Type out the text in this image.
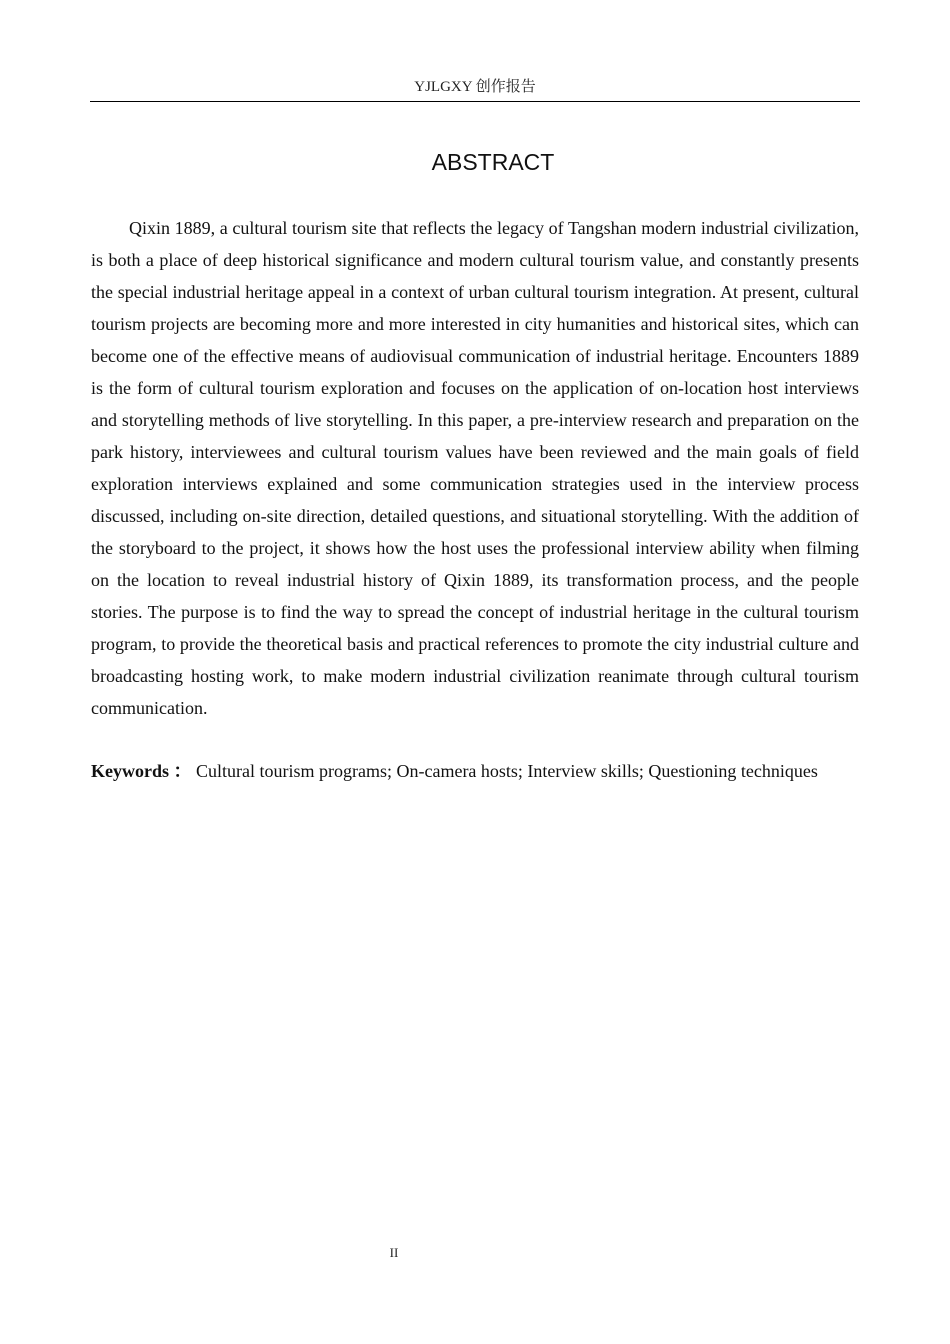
YJLGXY 创作报告
ABSTRACT

Qixin 1889, a cultural tourism site that reflects the legacy of Tangshan modern industrial civilization, is both a place of deep historical significance and modern cultural tourism value, and constantly presents the special industrial heritage appeal in a context of urban cultural tourism integration. At present, cultural tourism projects are becoming more and more interested in city humanities and historical sites, which can become one of the effective means of audiovisual communication of industrial heritage. Encounters 1889 is the form of cultural tourism exploration and focuses on the application of on-location host interviews and storytelling methods of live storytelling. In this paper, a pre-interview research and preparation on the park history, interviewees and cultural tourism values have been reviewed and the main goals of field exploration interviews explained and some communication strategies used in the interview process discussed, including on-site direction, detailed questions, and situational storytelling. With the addition of the storyboard to the project, it shows how the host uses the professional interview ability when filming on the location to reveal industrial history of Qixin 1889, its transformation process, and the people stories. The purpose is to find the way to spread the concept of industrial heritage in the cultural tourism program, to provide the theoretical basis and practical references to promote the city industrial culture and broadcasting hosting work, to make modern industrial civilization reanimate through cultural tourism communication.

Keywords ： Cultural tourism programs; On-camera hosts; Interview skills; Questioning techniques

II
